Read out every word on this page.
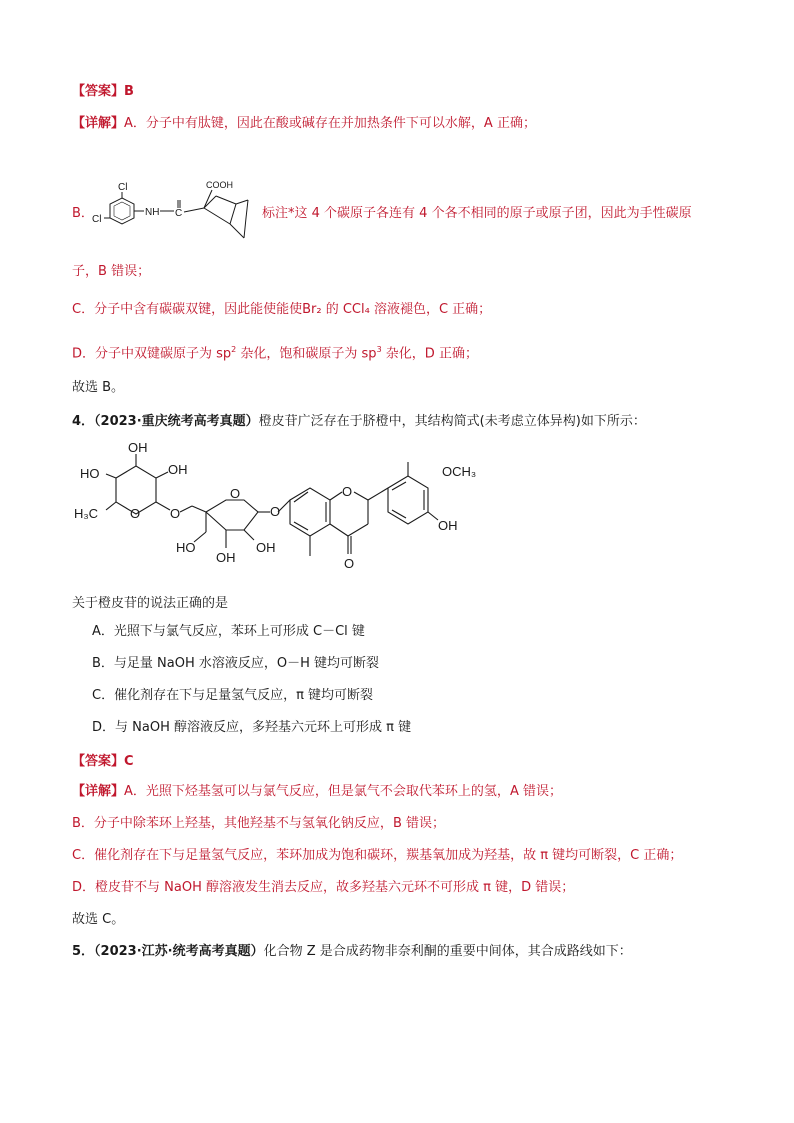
【答案】B
【详解】A．分子中有肽键，因此在酸或碱存在并加热条件下可以水解，A 正确；
B．
Cl
Cl
NH C
COOH
标注*这 4 个碳原子各连有 4 个各不相同的原子或原子团，因此为手性碳原
子，B 错误；
C．分子中含有碳碳双键，因此能使能使Br₂ 的 CCl₄ 溶液褪色，C 正确；
D．分子中双键碳原子为 $sp^2$ 杂化，饱和碳原子为 $sp^3$ 杂化，D 正确；
故选 B。
4．（2023·重庆统考高考真题）橙皮苷广泛存在于脐橙中，其结构简式(未考虑立体异构)如下所示：
HO
OH
OH
H₃C O O
O
O
HO	OH
OH
O
O
OCH₃
OH
关于橙皮苷的说法正确的是
A．光照下与氯气反应，苯环上可形成 C－Cl 键
B．与足量 NaOH 水溶液反应，O－H 键均可断裂
C．催化剂存在下与足量氢气反应，π 键均可断裂
D．与 NaOH 醇溶液反应，多羟基六元环上可形成 π 键
【答案】C
【详解】A．光照下烃基氢可以与氯气反应，但是氯气不会取代苯环上的氢，A 错误；
B．分子中除苯环上羟基，其他羟基不与氢氧化钠反应，B 错误；
C．催化剂存在下与足量氢气反应，苯环加成为饱和碳环，羰基氧加成为羟基，故 π 键均可断裂，C 正确；
D．橙皮苷不与 NaOH 醇溶液发生消去反应，故多羟基六元环不可形成 π 键，D 错误；
故选 C。
5．（2023·江苏·统考高考真题）化合物 Z 是合成药物非奈利酮的重要中间体，其合成路线如下：
